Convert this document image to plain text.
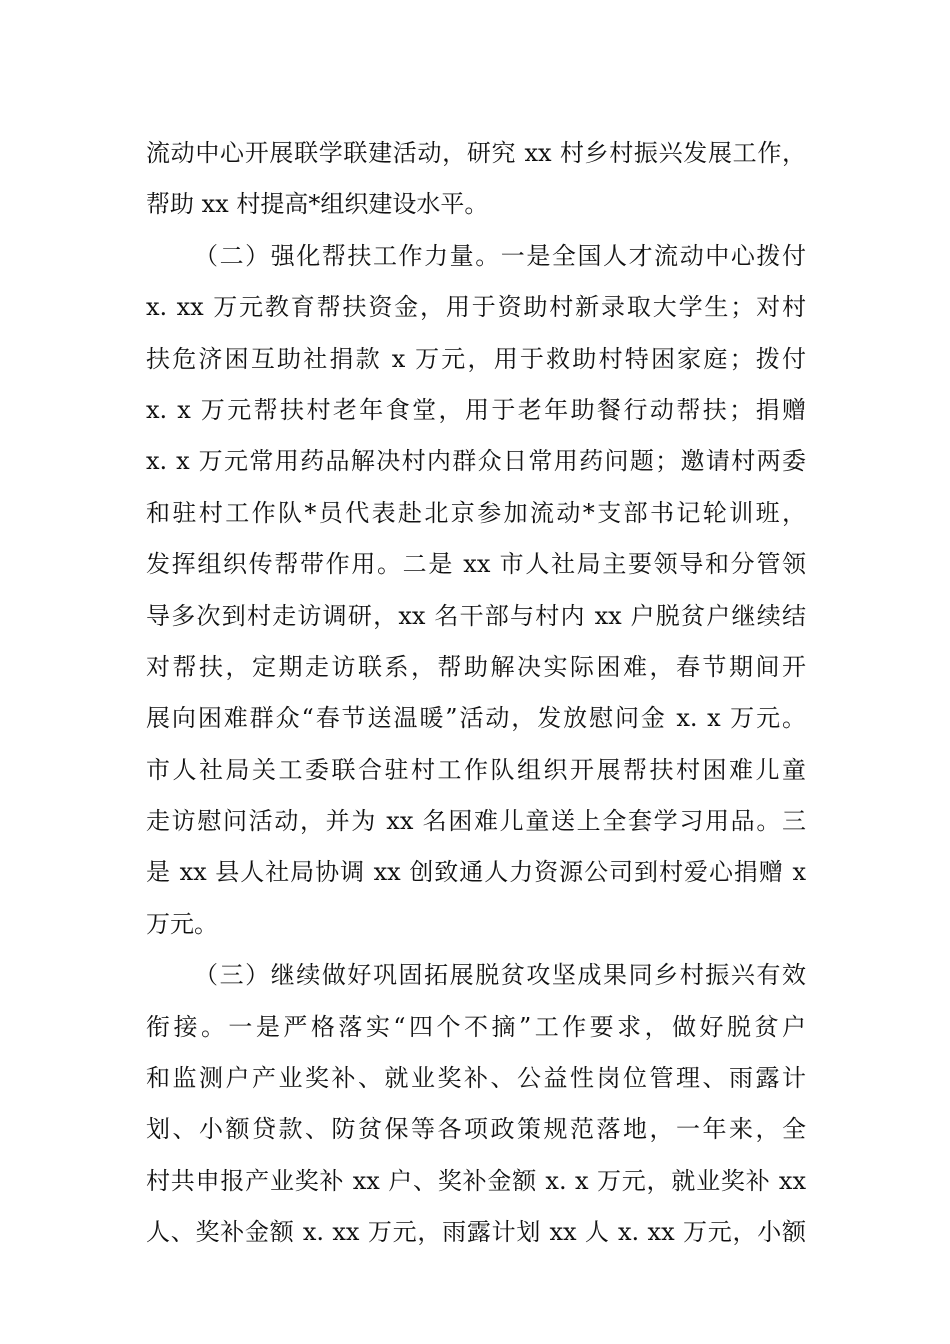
流动中心开展联学联建活动，研究 xx 村乡村振兴发展工作，
帮助 xx 村提高*组织建设水平。
（二）强化帮扶工作力量。一是全国人才流动中心拨付
x. xx 万元教育帮扶资金，用于资助村新录取大学生；对村
扶危济困互助社捐款 x 万元，用于救助村特困家庭；拨付
x. x 万元帮扶村老年食堂，用于老年助餐行动帮扶；捐赠
x. x 万元常用药品解决村内群众日常用药问题；邀请村两委
和驻村工作队*员代表赴北京参加流动*支部书记轮训班，
发挥组织传帮带作用。二是 xx 市人社局主要领导和分管领
导多次到村走访调研，xx 名干部与村内 xx 户脱贫户继续结
对帮扶，定期走访联系，帮助解决实际困难，春节期间开
展向困难群众“春节送温暖”活动，发放慰问金 x. x 万元。
市人社局关工委联合驻村工作队组织开展帮扶村困难儿童
走访慰问活动，并为 xx 名困难儿童送上全套学习用品。三
是 xx 县人社局协调 xx 创致通人力资源公司到村爱心捐赠 x
万元。
（三）继续做好巩固拓展脱贫攻坚成果同乡村振兴有效
衔接。一是严格落实“四个不摘”工作要求，做好脱贫户
和监测户产业奖补、就业奖补、公益性岗位管理、雨露计
划、小额贷款、防贫保等各项政策规范落地，一年来，全
村共申报产业奖补 xx 户、奖补金额 x. x 万元，就业奖补 xx
人、奖补金额 x. xx 万元，雨露计划 xx 人 x. xx 万元，小额
